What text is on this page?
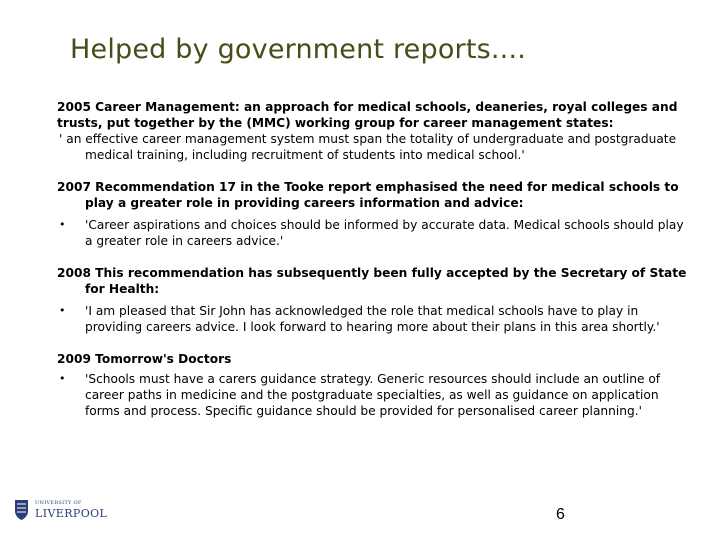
Helped by government reports....
2005 Career Management: an approach for medical schools, deaneries, royal colleges and trusts, put together by the (MMC) working group for career management states:
' an effective career management system must span the totality of undergraduate and postgraduate medical training, including recruitment of students into medical school.'
2007 Recommendation 17 in the Tooke report emphasised the need for medical schools to play a greater role in providing careers information and advice:
• 'Career aspirations and choices should be informed by accurate data. Medical schools should play a greater role in careers advice.'
2008 This recommendation has subsequently been fully accepted by the Secretary of State for Health:
• 'I am pleased that Sir John has acknowledged the role that medical schools have to play in providing careers advice. I look forward to hearing more about their plans in this area shortly.'
2009 Tomorrow's Doctors
• 'Schools must have a carers guidance strategy. Generic resources should include an outline of career paths in medicine and the postgraduate specialties, as well as guidance on application forms and process. Specific guidance should be provided for personalised career planning.'
UNIVERSITY OF
LIVERPOOL	6
